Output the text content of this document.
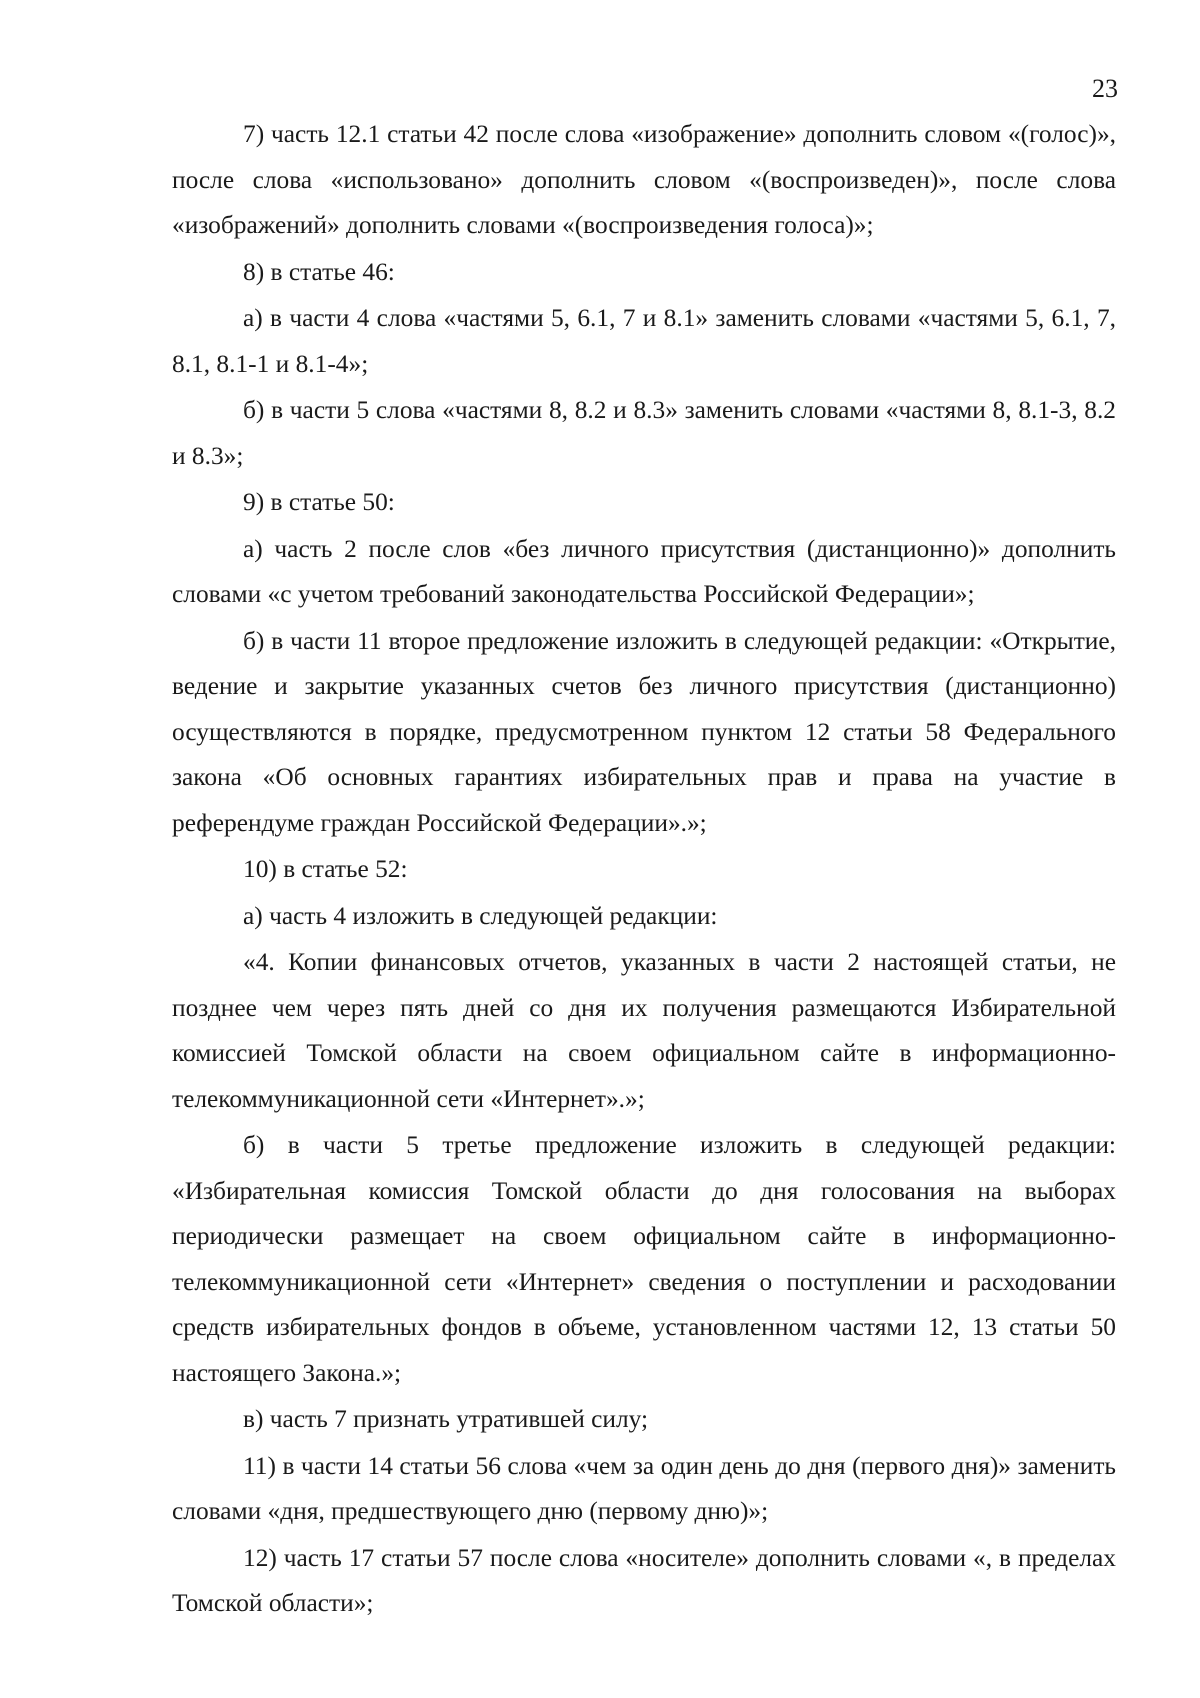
23

7) часть 12.1 статьи 42 после слова «изображение» дополнить словом «(голос)», после слова «использовано» дополнить словом «(воспроизведен)», после слова «изображений» дополнить словами «(воспроизведения голоса)»;

8) в статье 46:

а) в части 4 слова «частями 5, 6.1, 7 и 8.1» заменить словами «частями 5, 6.1, 7, 8.1, 8.1-1 и 8.1-4»;

б) в части 5 слова «частями 8, 8.2 и 8.3» заменить словами «частями 8, 8.1-3, 8.2 и 8.3»;

9) в статье 50:

а) часть 2 после слов «без личного присутствия (дистанционно)» дополнить словами «с учетом требований законодательства Российской Федерации»;

б) в части 11 второе предложение изложить в следующей редакции: «Открытие, ведение и закрытие указанных счетов без личного присутствия (дистанционно) осуществляются в порядке, предусмотренном пунктом 12 статьи 58 Федерального закона «Об основных гарантиях избирательных прав и права на участие в референдуме граждан Российской Федерации».»;

10) в статье 52:

а) часть 4 изложить в следующей редакции:

«4. Копии финансовых отчетов, указанных в части 2 настоящей статьи, не позднее чем через пять дней со дня их получения размещаются Избирательной комиссией Томской области на своем официальном сайте в информационно-телекоммуникационной сети «Интернет».»;

б) в части 5 третье предложение изложить в следующей редакции: «Избирательная комиссия Томской области до дня голосования на выборах периодически размещает на своем официальном сайте в информационно-телекоммуникационной сети «Интернет» сведения о поступлении и расходовании средств избирательных фондов в объеме, установленном частями 12, 13 статьи 50 настоящего Закона.»;

в) часть 7 признать утратившей силу;

11) в части 14 статьи 56 слова «чем за один день до дня (первого дня)» заменить словами «дня, предшествующего дню (первому дню)»;

12) часть 17 статьи 57 после слова «носителе» дополнить словами «, в пределах Томской области»;
